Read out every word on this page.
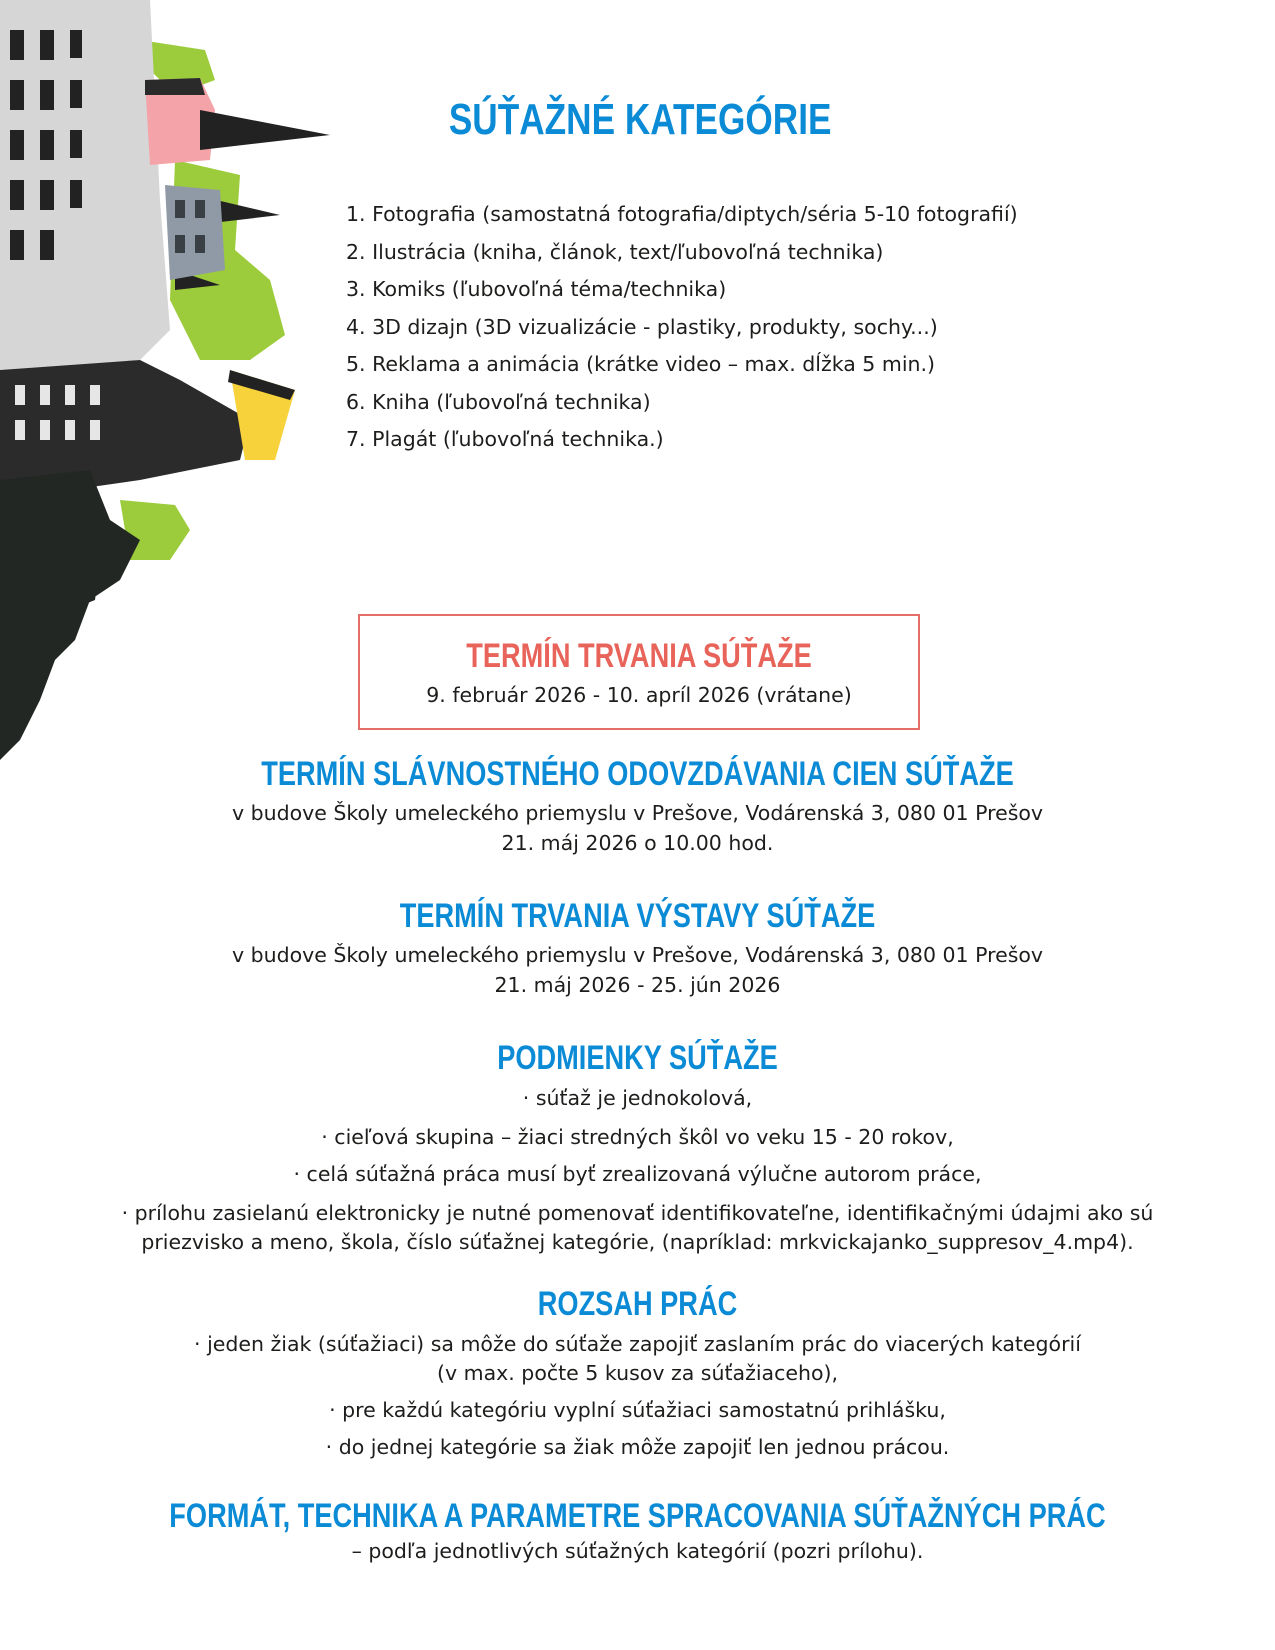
SÚŤAŽNÉ KATEGÓRIE
1. Fotografia (samostatná fotografia/diptych/séria 5-10 fotografií)
2. Ilustrácia (kniha, článok, text/ľubovoľná technika)
3. Komiks (ľubovoľná téma/technika)
4. 3D dizajn (3D vizualizácie - plastiky, produkty, sochy...)
5. Reklama a animácia (krátke video – max. dĺžka 5 min.)
6. Kniha (ľubovoľná technika)
7. Plagát (ľubovoľná technika.)
TERMÍN TRVANIA SÚŤAŽE
9. február 2026 - 10. apríl 2026 (vrátane)
TERMÍN SLÁVNOSTNÉHO ODOVZDÁVANIA CIEN SÚŤAŽE
v budove Školy umeleckého priemyslu v Prešove, Vodárenská 3, 080 01 Prešov
21. máj 2026 o 10.00 hod.
TERMÍN TRVANIA VÝSTAVY SÚŤAŽE
v budove Školy umeleckého priemyslu v Prešove, Vodárenská 3, 080 01 Prešov
21. máj 2026 - 25. jún 2026
PODMIENKY SÚŤAŽE

· súťaž je jednokolová,

· cieľová skupina – žiaci stredných škôl vo veku 15 - 20 rokov,

· celá súťažná práca musí byť zrealizovaná výlučne autorom práce,

· prílohu zasielanú elektronicky je nutné pomenovať identifikovateľne, identifikačnými údajmi ako sú

priezvisko a meno, škola, číslo súťažnej kategórie, (napríklad: mrkvickajanko_suppresov_4.mp4).

ROZSAH PRÁC

· jeden žiak (súťažiaci) sa môže do súťaže zapojiť zaslaním prác do viacerých kategórií

(v max. počte 5 kusov za súťažiaceho),

· pre každú kategóriu vyplní súťažiaci samostatnú prihlášku,

· do jednej kategórie sa žiak môže zapojiť len jednou prácou.

FORMÁT, TECHNIKA A PARAMETRE SPRACOVANIA SÚŤAŽNÝCH PRÁC
– podľa jednotlivých súťažných kategórií (pozri prílohu).
